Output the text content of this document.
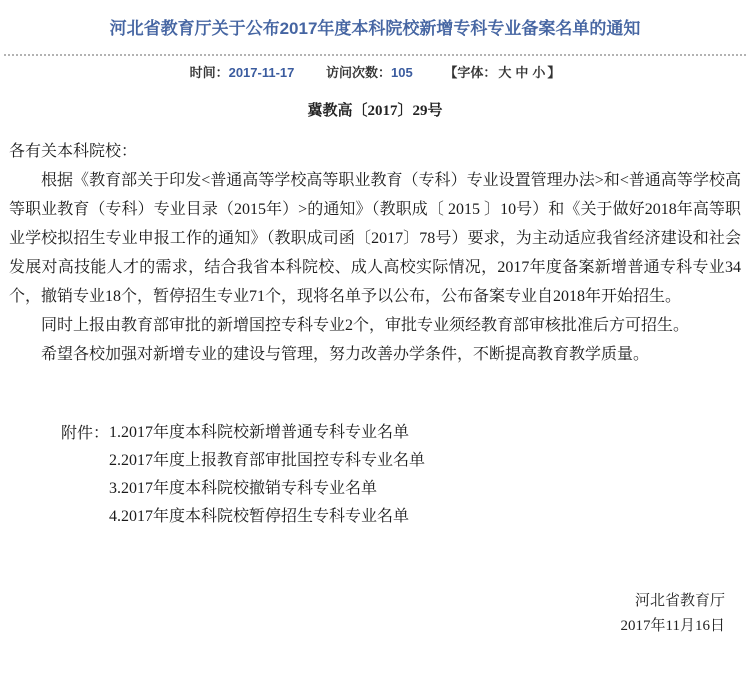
河北省教育厅关于公布2017年度本科院校新增专科专业备案名单的通知
时间：2017-11-17 访问次数：105 【字体： 大 中 小 】
冀教高〔2017〕29号
各有关本科院校：

根据《教育部关于印发<普通高等学校高等职业教育（专科）专业设置管理办法>和<普通高等学校高等职业教育（专科）专业目录（2015年）>的通知》（教职成〔 2015 〕10号）和《关于做好2018年高等职业学校拟招生专业申报工作的通知》（教职成司函〔2017〕78号）要求，为主动适应我省经济建设和社会发展对高技能人才的需求，结合我省本科院校、成人高校实际情况，2017年度备案新增普通专科专业34个，撤销专业18个，暂停招生专业71个，现将名单予以公布，公布备案专业自2018年开始招生。

同时上报由教育部审批的新增国控专科专业2个，审批专业须经教育部审核批准后方可招生。

希望各校加强对新增专业的建设与管理，努力改善办学条件，不断提高教育教学质量。

附件： 1.2017年度本科院校新增普通专科专业名单
2.2017年度上报教育部审批国控专科专业名单
3.2017年度本科院校撤销专科专业名单
4.2017年度本科院校暂停招生专科专业名单
河北省教育厅
2017年11月16日
